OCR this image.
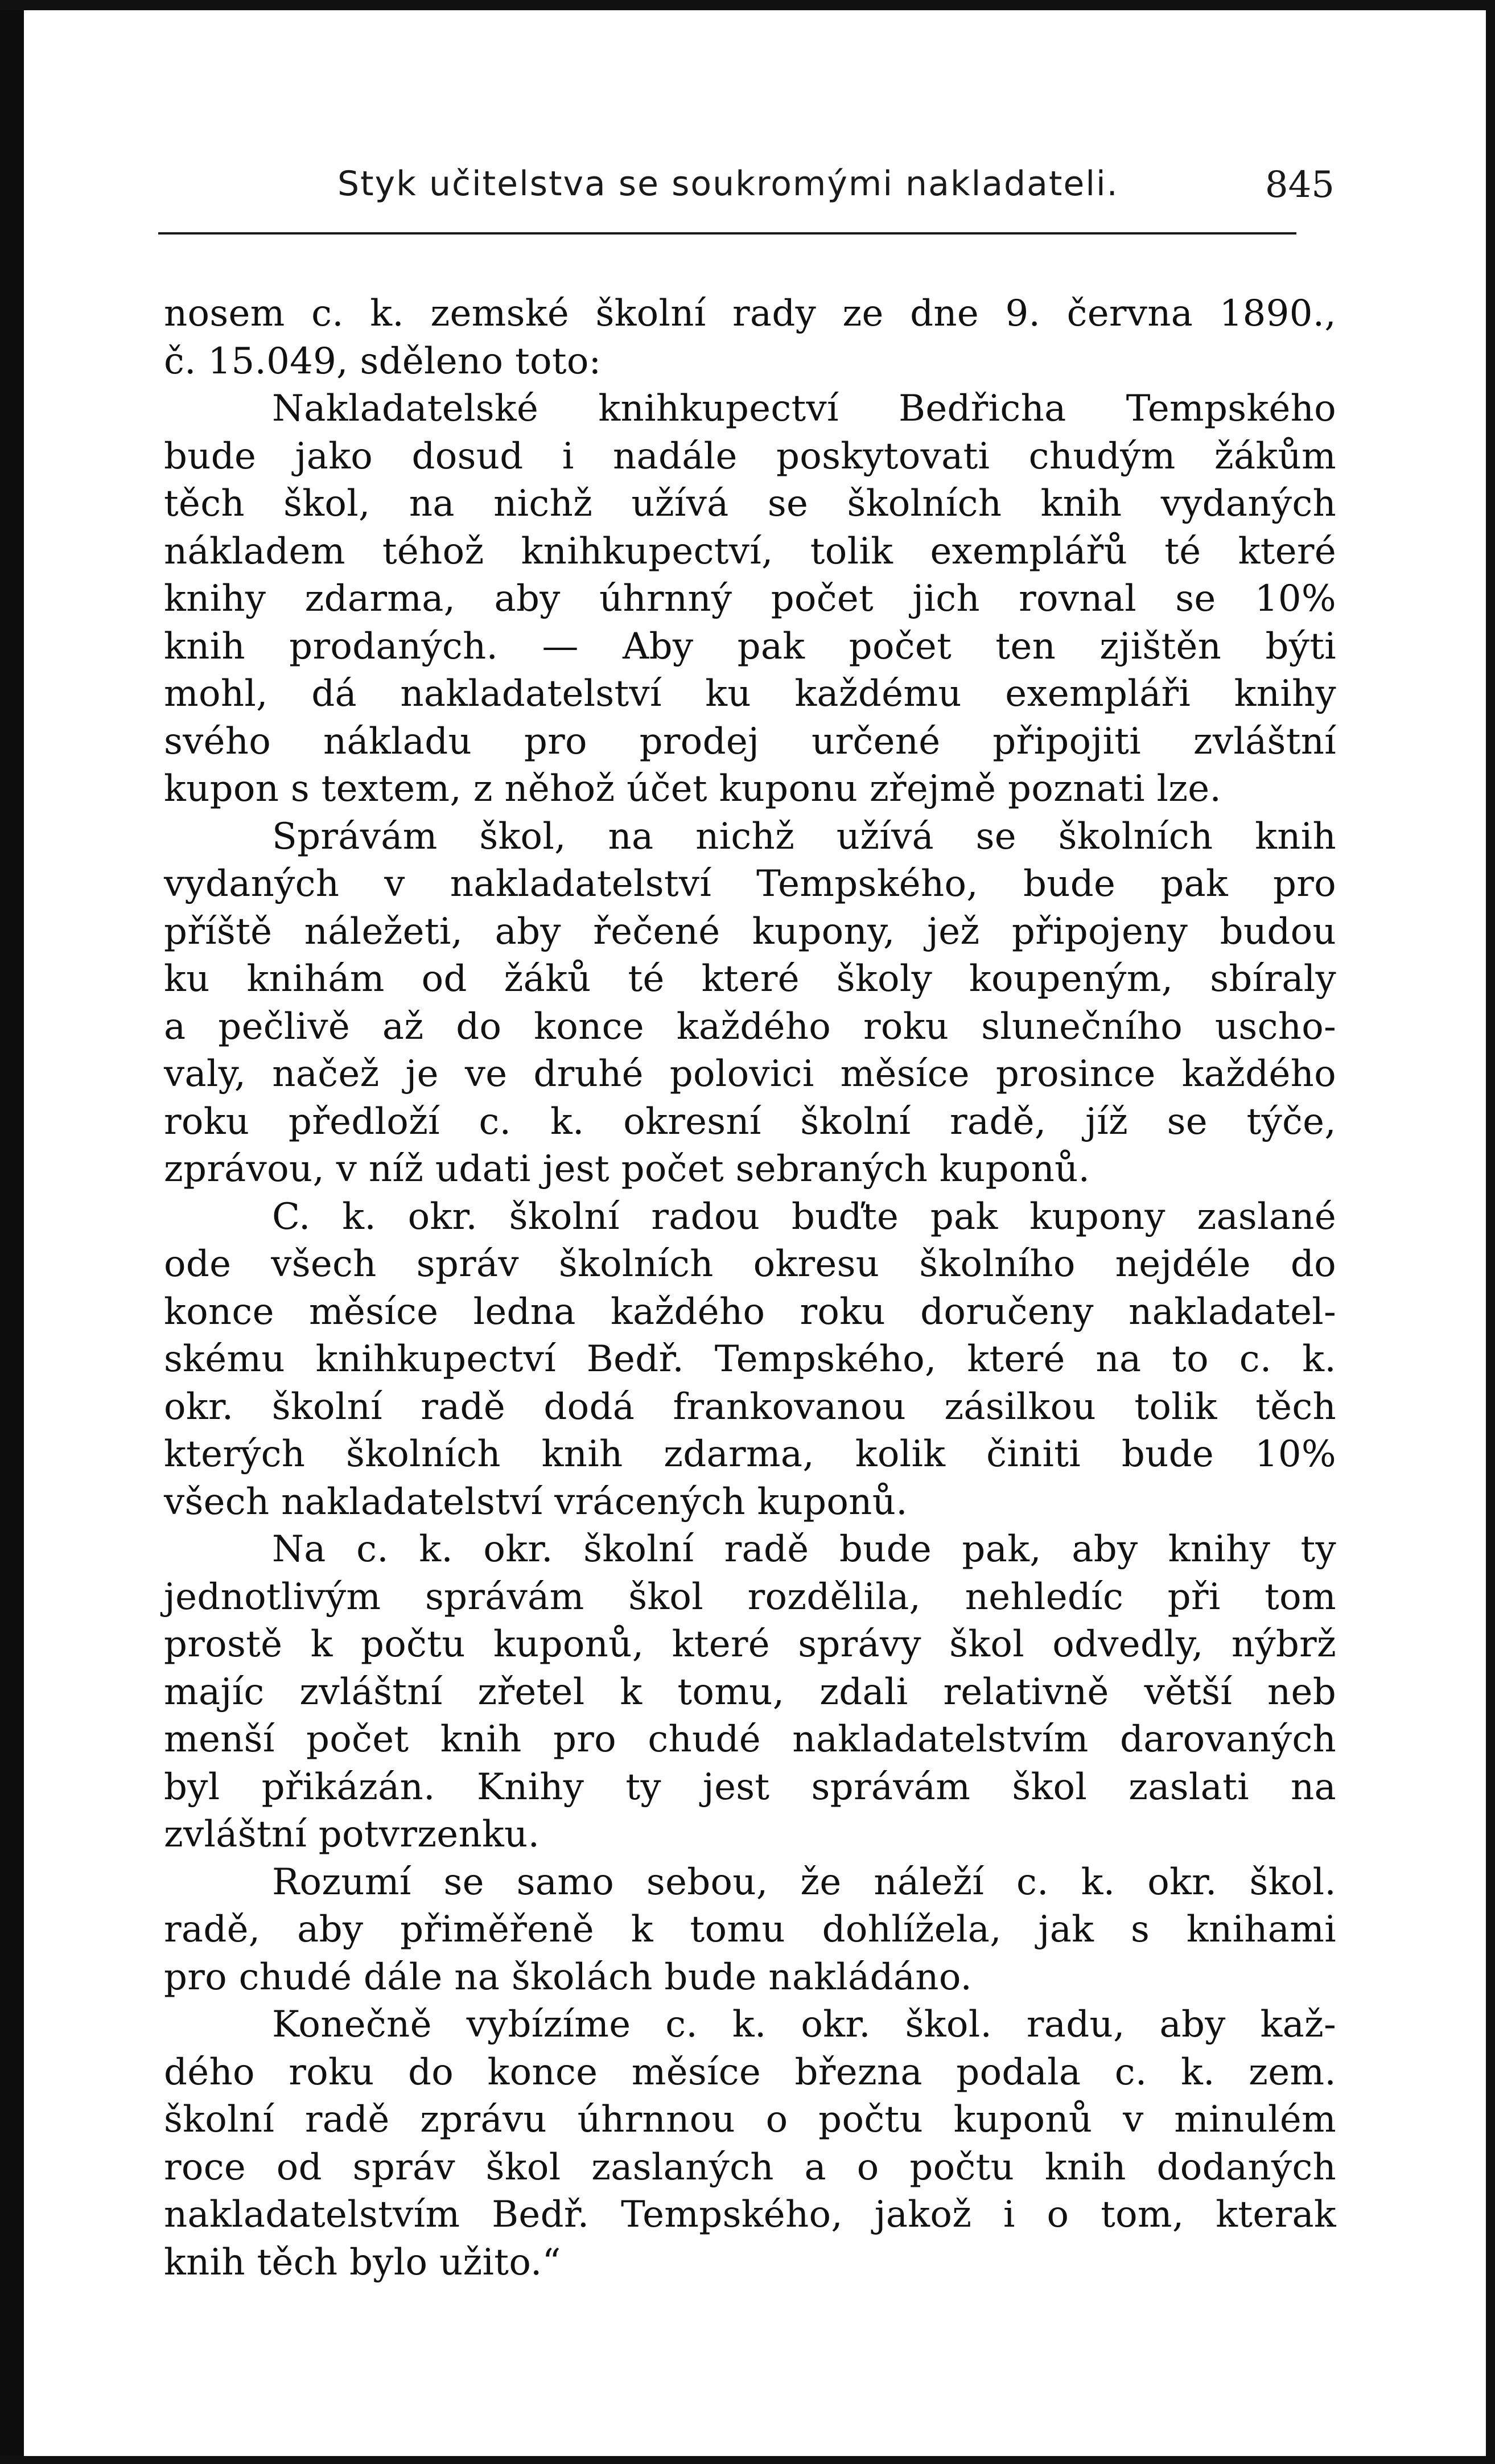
Styk učitelstva se soukromými nakladateli.	845
nosem c. k. zemské školní rady ze dne 9. června 1890.,
č. 15.049, sděleno toto:
Nakladatelské knihkupectví Bedřicha Tempského
bude jako dosud i nadále poskytovati chudým žákům
těch škol, na nichž užívá se školních knih vydaných
nákladem téhož knihkupectví, tolik exemplářů té které
knihy zdarma, aby úhrnný počet jich rovnal se 10%
knih prodaných. — Aby pak počet ten zjištěn býti
mohl, dá nakladatelství ku každému exempláři knihy
svého nákladu pro prodej určené připojiti zvláštní
kupon s textem, z něhož účet kuponu zřejmě poznati lze.
Správám škol, na nichž užívá se školních knih
vydaných v nakladatelství Tempského, bude pak pro
příště náležeti, aby řečené kupony, jež připojeny budou
ku knihám od žáků té které školy koupeným, sbíraly
a pečlivě až do konce každého roku slunečního uscho-
valy, načež je ve druhé polovici měsíce prosince každého
roku předloží c. k. okresní školní radě, jíž se týče,
zprávou, v níž udati jest počet sebraných kuponů.
C. k. okr. školní radou buďte pak kupony zaslané
ode všech správ školních okresu školního nejdéle do
konce měsíce ledna každého roku doručeny nakladatel-
skému knihkupectví Bedř. Tempského, které na to c. k.
okr. školní radě dodá frankovanou zásilkou tolik těch
kterých školních knih zdarma, kolik činiti bude 10%
všech nakladatelství vrácených kuponů.
Na c. k. okr. školní radě bude pak, aby knihy ty
jednotlivým správám škol rozdělila, nehledíc při tom
prostě k počtu kuponů, které správy škol odvedly, nýbrž
majíc zvláštní zřetel k tomu, zdali relativně větší neb
menší počet knih pro chudé nakladatelstvím darovaných
byl přikázán. Knihy ty jest správám škol zaslati na
zvláštní potvrzenku.
Rozumí se samo sebou, že náleží c. k. okr. škol.
radě, aby přiměřeně k tomu dohlížela, jak s knihami
pro chudé dále na školách bude nakládáno.
Konečně vybízíme c. k. okr. škol. radu, aby kaž-
dého roku do konce měsíce března podala c. k. zem.
školní radě zprávu úhrnnou o počtu kuponů v minulém
roce od správ škol zaslaných a o počtu knih dodaných
nakladatelstvím Bedř. Tempského, jakož i o tom, kterak
knih těch bylo užito.“
